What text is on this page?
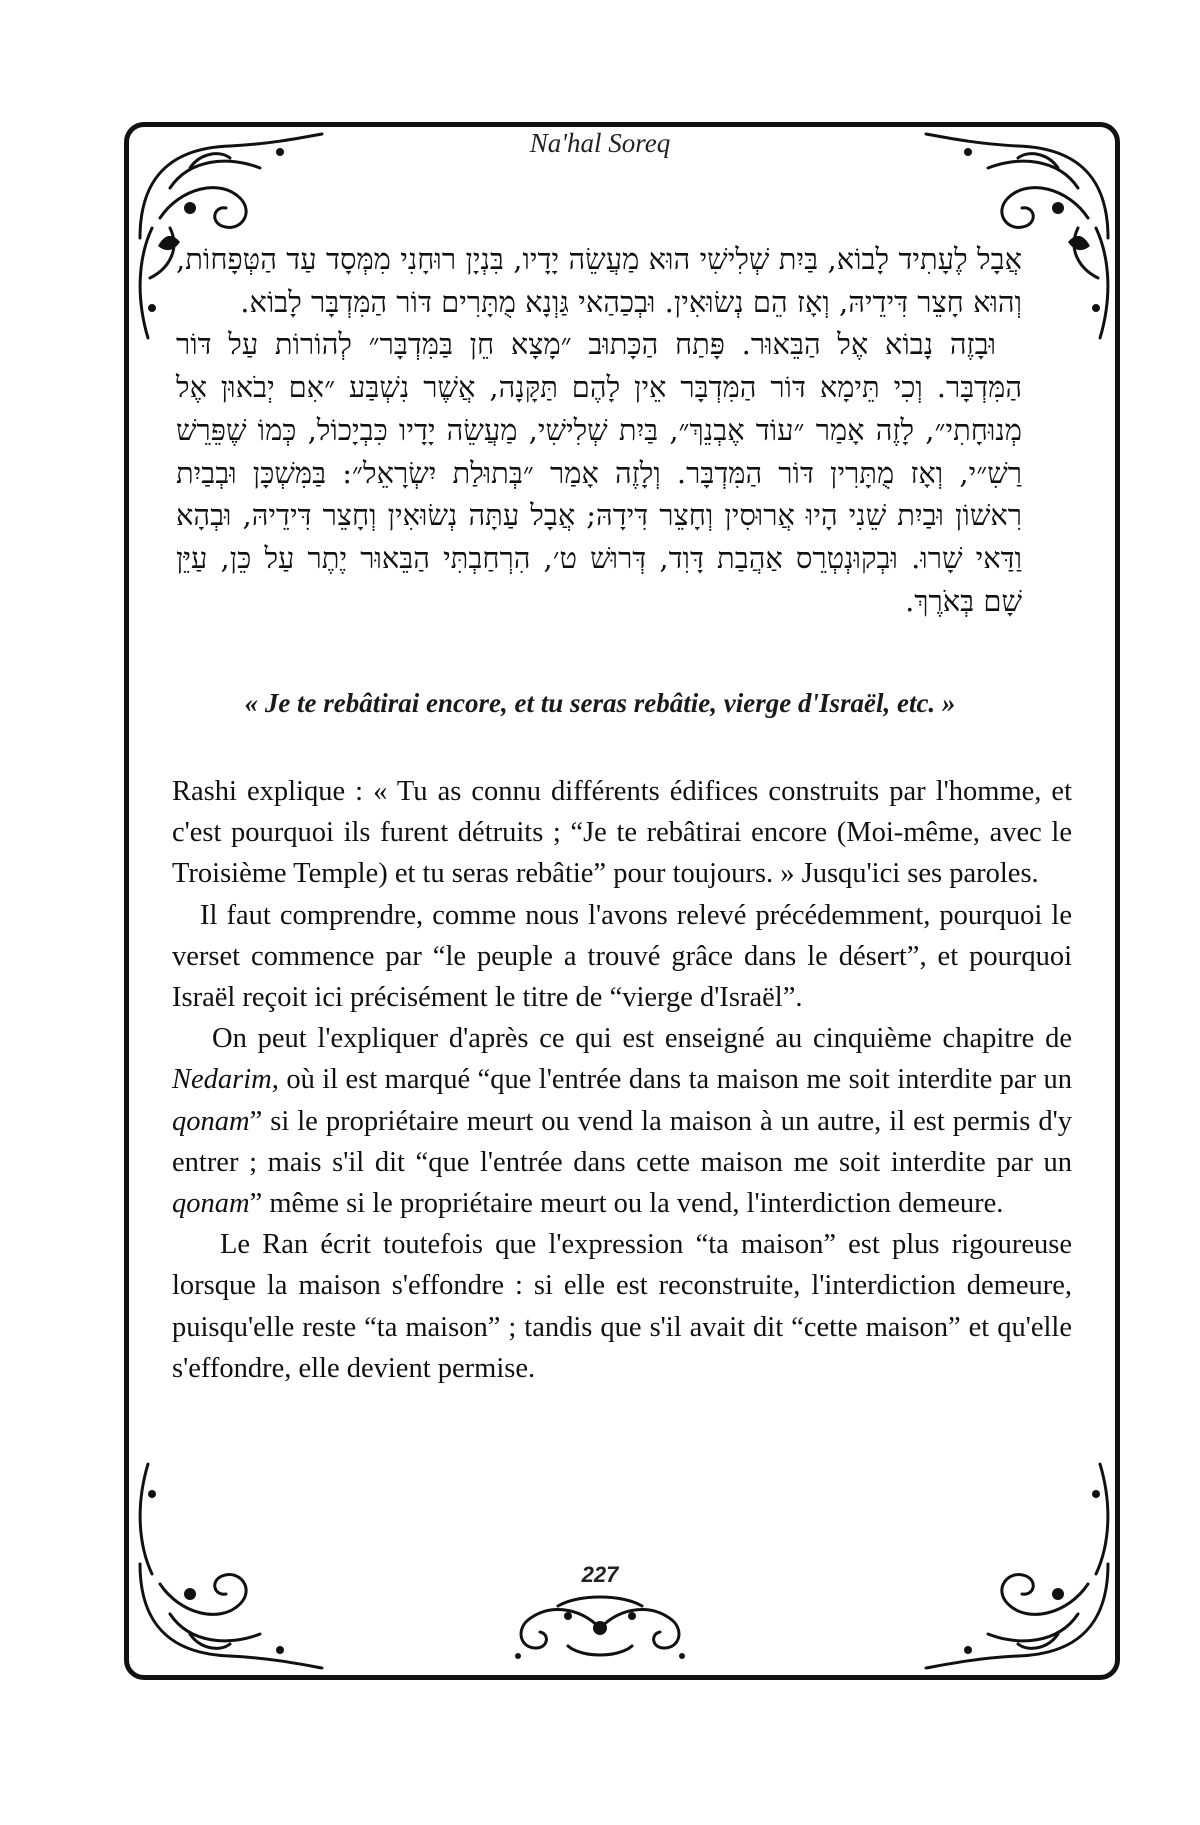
Na'hal Soreq

אֲבָל לֶעָתִיד לָבוֹא, בַּיִת שְׁלִישִׁי הוּא מַעֲשֵׂה יָדָיו, בִּנְיָן רוּחָנִי מִמְּסָד עַד הַטְּפָחוֹת, וְהוּא חָצֵר דִּידֵיהּ, וְאָז הֵם נְשׂוּאִין. וּבְכַהַאי גַּוְנָא מֻתָּרִים דּוֹר הַמִּדְבָּר לָבוֹא.

וּבָזֶה נָבוֹא אֶל הַבֵּאוּר. פָּתַח הַכָּתוּב ״מָצָא חֵן בַּמִּדְבָּר״ לְהוֹרוֹת עַל דּוֹר הַמִּדְבָּר. וְכִי תֵּימָא דּוֹר הַמִּדְבָּר אֵין לָהֶם תַּקָּנָה, אֲשֶׁר נִשְׁבַּע ״אִם יְבֹאוּן אֶל מְנוּחָתִי״, לָזֶה אָמַר ״עוֹד אֶבְנֵךְ״, בַּיִת שְׁלִישִׁי, מַעֲשֵׂה יָדָיו כִּבְיָכוֹל, כְּמוֹ שֶׁפֵּרֵשׁ רַשִׁ״י, וְאָז מֻתָּרִין דּוֹר הַמִּדְבָּר. וְלָזֶה אָמַר ״בְּתוּלַת יִשְׂרָאֵל״: בַּמִּשְׁכָּן וּבְבַיִת רִאשׁוֹן וּבַיִת שֵׁנִי הָיוּ אֲרוּסִין וְחָצֵר דִּידָהּ; אֲבָל עַתָּה נְשׂוּאִין וְחָצֵר דִּידֵיהּ, וּבְהָא וַדַּאי שָׁרוּ. וּבְקוּנְטְרֵס אַהֲבַת דָּוִד, דְּרוּשׁ ט׳, הִרְחַבְתִּי הַבֵּאוּר יֶתֶר עַל כֵּן, עַיֵּן שָׁם בְּאֹרֶךְ.

« Je te rebâtirai encore, et tu seras rebâtie, vierge d'Israël, etc. »

Rashi explique : « Tu as connu différents édifices construits par l'homme, et c'est pourquoi ils furent détruits ; “Je te rebâtirai encore (Moi-même, avec le Troisième Temple) et tu seras rebâtie” pour toujours. » Jusqu'ici ses paroles.

Il faut comprendre, comme nous l'avons relevé précédemment, pourquoi le verset commence par “le peuple a trouvé grâce dans le désert”, et pourquoi Israël reçoit ici précisément le titre de “vierge d'Israël”.

On peut l'expliquer d'après ce qui est enseigné au cinquième chapitre de Nedarim, où il est marqué “que l'entrée dans ta maison me soit interdite par un qonam” si le propriétaire meurt ou vend la maison à un autre, il est permis d'y entrer ; mais s'il dit “que l'entrée dans cette maison me soit interdite par un qonam” même si le propriétaire meurt ou la vend, l'interdiction demeure.

Le Ran écrit toutefois que l'expression “ta maison” est plus rigoureuse lorsque la maison s'effondre : si elle est reconstruite, l'interdiction demeure, puisqu'elle reste “ta maison” ; tandis que s'il avait dit “cette maison” et qu'elle s'effondre, elle devient permise.

227
